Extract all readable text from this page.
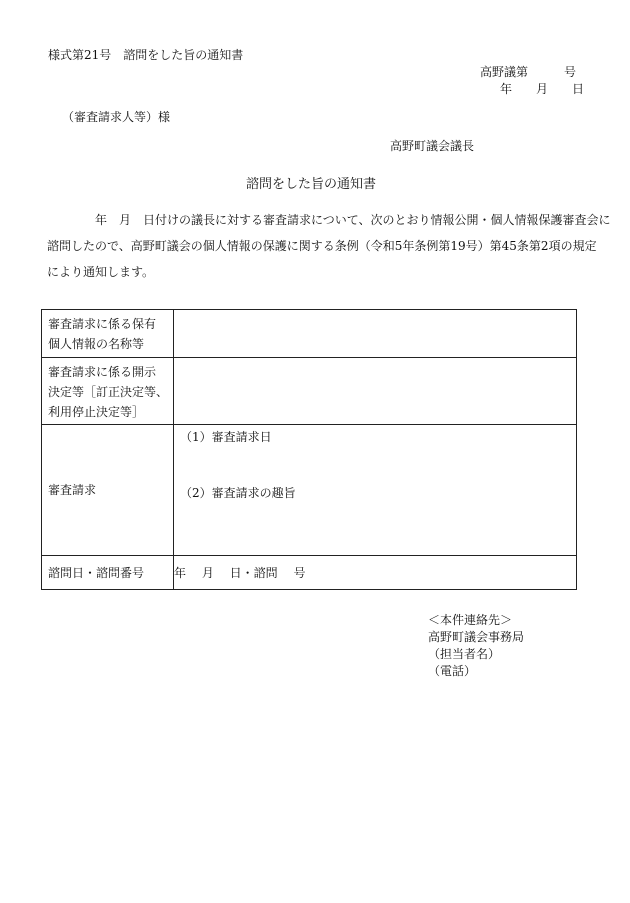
様式第21号　諮問をした旨の通知書
高野議第　　　号
年　　月　　日
（審査請求人等）様
高野町議会議長
諮問をした旨の通知書
年　月　日付けの議長に対する審査請求について、次のとおり情報公開・個人情報保護審査会に
諮問したので、高野町議会の個人情報の保護に関する条例（令和5年条例第19号）第45条第2項の規定
により通知します。
審査請求に係る保有
個人情報の名称等	

審査請求に係る開示
決定等［訂正決定等、
利用停止決定等］	

審査請求	（1）審査請求日
（2）審査請求の趣旨

諮問日・諮問番号	年　 月　 日・諮問　 号
＜本件連絡先＞
高野町議会事務局
（担当者名）
（電話）
